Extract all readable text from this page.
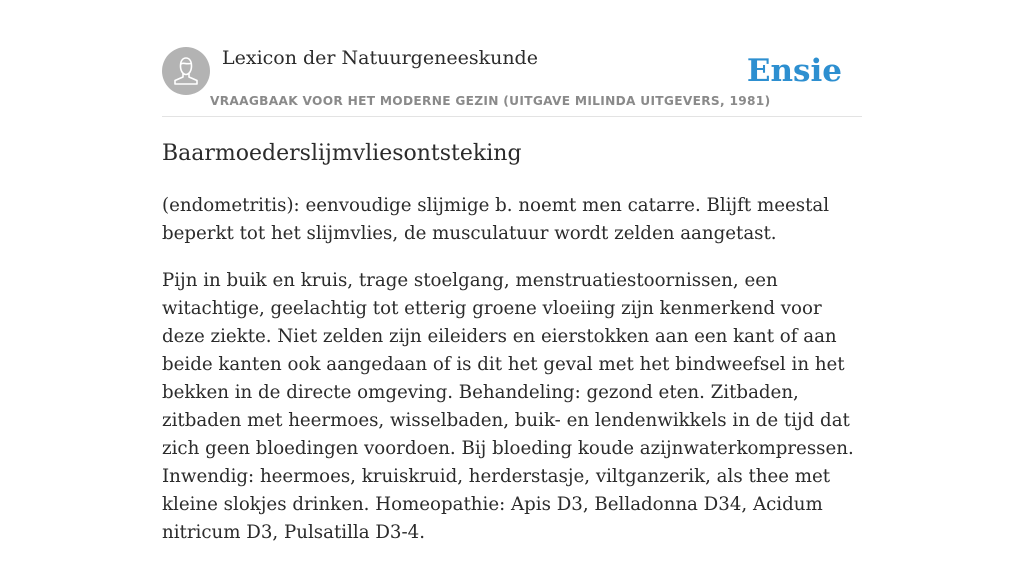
Lexicon der Natuurgeneeskunde
VRAAGBAAK VOOR HET MODERNE GEZIN (UITGAVE MILINDA UITGEVERS, 1981)
Ensie
Baarmoederslijmvliesontsteking

(endometritis): eenvoudige slijmige b. noemt men catarre. Blijft meestal beperkt tot het slijmvlies, de musculatuur wordt zelden aangetast.

Pijn in buik en kruis, trage stoelgang, menstruatiestoornissen, een witachtige, geelachtig tot etterig groene vloeiing zijn kenmerkend voor deze ziekte. Niet zelden zijn eileiders en eierstokken aan een kant of aan beide kanten ook aangedaan of is dit het geval met het bindweefsel in het bekken in de directe omgeving. Behandeling: gezond eten. Zitbaden, zitbaden met heermoes, wisselbaden, buik- en lendenwikkels in de tijd dat zich geen bloedingen voordoen. Bij bloeding koude azijnwaterkompressen. Inwendig: heermoes, kruiskruid, herderstasje, viltganzerik, als thee met kleine slokjes drinken. Homeopathie: Apis D3, Belladonna D34, Acidum nitricum D3, Pulsatilla D3-4.
